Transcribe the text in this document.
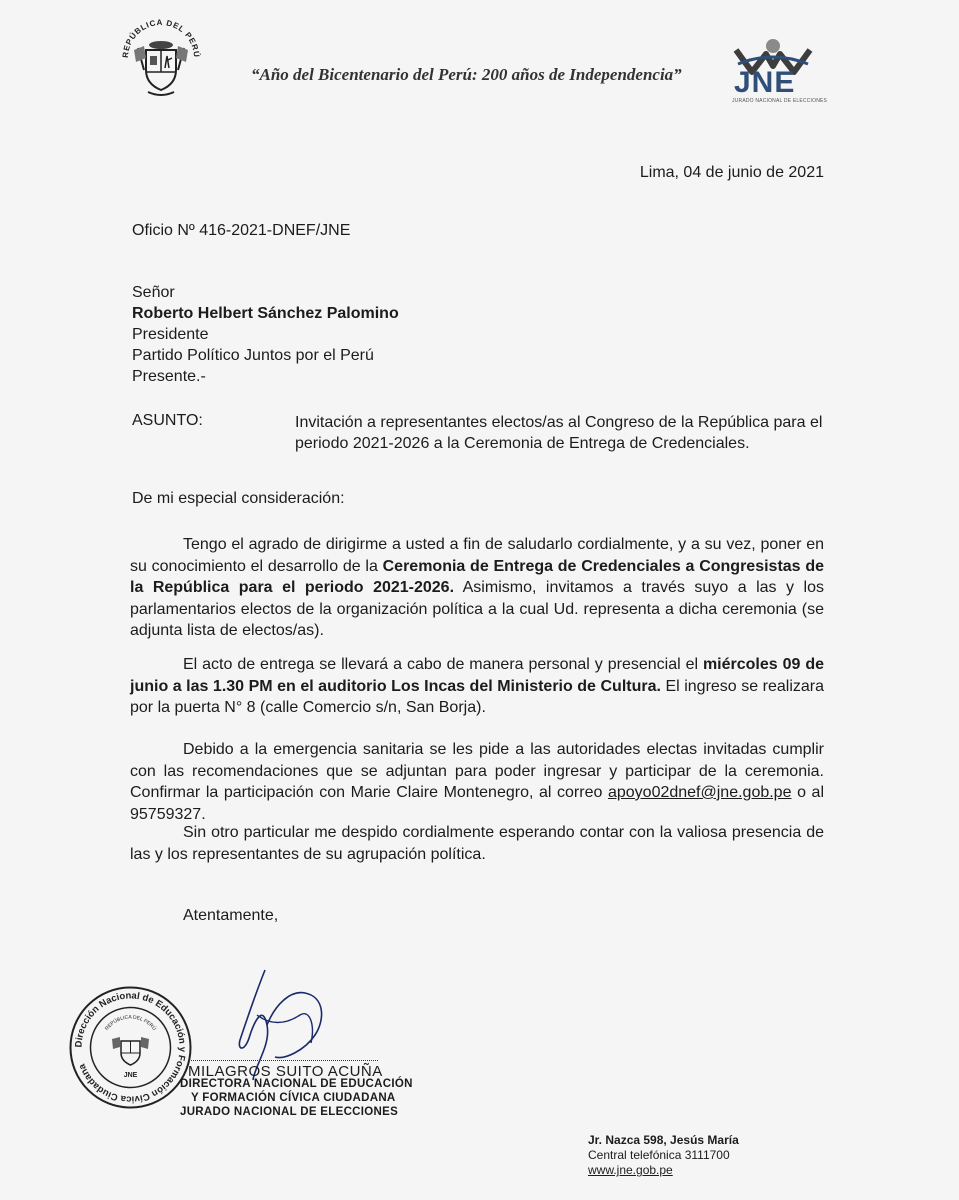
REPÚBLICA DEL PERÚ
“Año del Bicentenario del Perú: 200 años de Independencia” JNE
JURADO NACIONAL DE ELECCIONES
Lima, 04 de junio de 2021
Oficio Nº 416-2021-DNEF/JNE
Señor
Roberto Helbert Sánchez Palomino
Presidente
Partido Político Juntos por el Perú
Presente.-
ASUNTO:	Invitación a representantes electos/as al Congreso de la República para el
periodo 2021-2026 a la Ceremonia de Entrega de Credenciales.
De mi especial consideración:
Tengo el agrado de dirigirme a usted a fin de saludarlo cordialmente, y a su vez, poner en su conocimiento el desarrollo de la Ceremonia de Entrega de Credenciales a Congresistas de la República para el periodo 2021-2026. Asimismo, invitamos a través suyo a las y los parlamentarios electos de la organización política a la cual Ud. representa a dicha ceremonia (se adjunta lista de electos/as).
El acto de entrega se llevará a cabo de manera personal y presencial el miércoles 09 de junio a las 1.30 PM en el auditorio Los Incas del Ministerio de Cultura. El ingreso se realizara por la puerta N° 8 (calle Comercio s/n, San Borja).
Debido a la emergencia sanitaria se les pide a las autoridades electas invitadas cumplir con las recomendaciones que se adjuntan para poder ingresar y participar de la ceremonia. Confirmar la participación con Marie Claire Montenegro, al correo apoyo02dnef@jne.gob.pe o al 95759327.
Sin otro particular me despido cordialmente esperando contar con la valiosa presencia de las y los representantes de su agrupación política.
Atentamente,
Dirección Nacional de Educación y Formación Cívica Ciudadana
REPÚBLICA DEL PERÚ
JNE	MILAGROS SUITO ACUÑA
DIRECTORA NACIONAL DE EDUCACIÓN
Y FORMACIÓN CÍVICA CIUDADANA
JURADO NACIONAL DE ELECCIONES
Jr. Nazca 598, Jesús María
Central telefónica 3111700
www.jne.gob.pe
